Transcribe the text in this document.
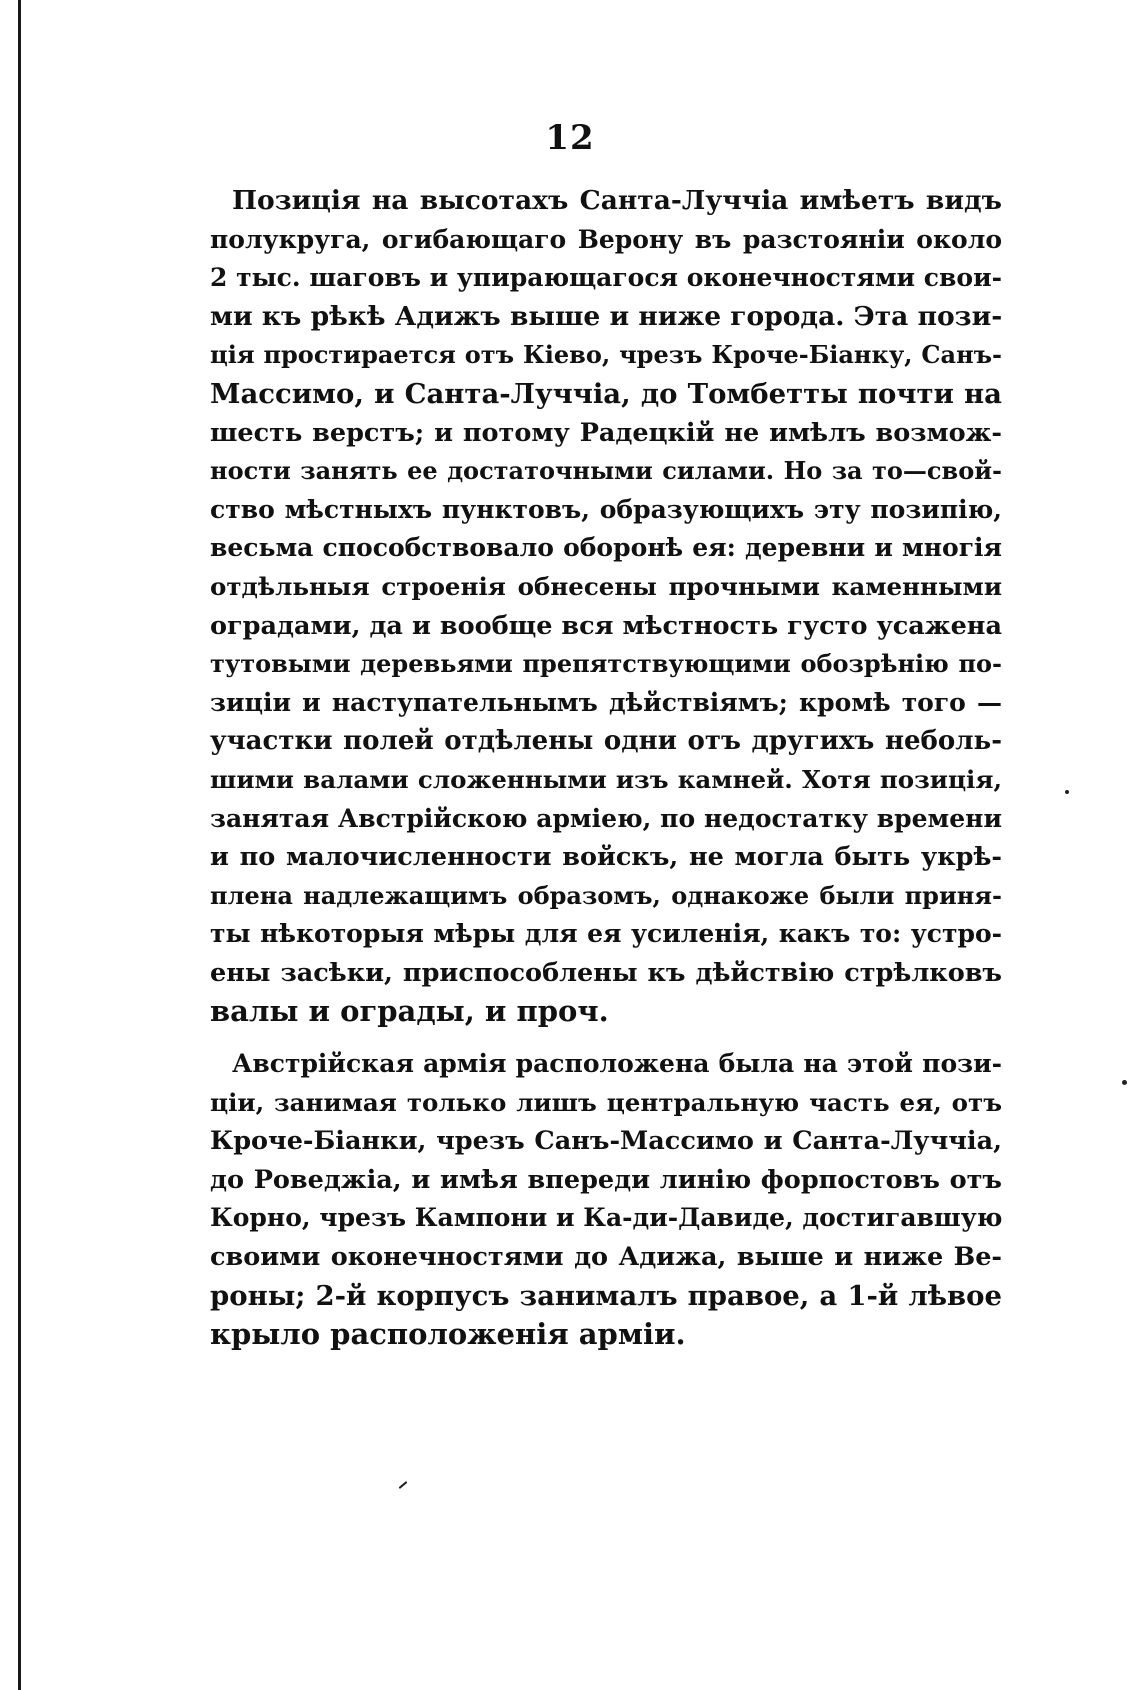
12
Позиція на высотахъ Санта-Луччіа имѣетъ видъ
полукруга, огибающаго Верону въ разстояніи около
2 тыс. шаговъ и упирающагося оконечностями свои-
ми къ рѣкѣ Адижъ выше и ниже города. Эта пози-
ція простирается отъ Кіево, чрезъ Кроче-Біанку, Санъ-
Массимо, и Санта-Луччіа, до Томбетты почти на
шесть верстъ; и потому Радецкій не имѣлъ возмож-
ности занять ее достаточными силами. Но за то—свой-
ство мѣстныхъ пунктовъ, образующихъ эту позипію,
весьма способствовало оборонѣ ея: деревни и многія
отдѣльныя строенія обнесены прочными каменными
оградами, да и вообще вся мѣстность густо усажена
тутовыми деревьями препятствующими обозрѣнію по-
зиціи и наступательнымъ дѣйствіямъ; кромѣ того —
участки полей отдѣлены одни отъ другихъ неболь-
шими валами сложенными изъ камней. Хотя позиція,
занятая Австрійскою арміею, по недостатку времени
и по малочисленности войскъ, не могла быть укрѣ-
плена надлежащимъ образомъ, однакоже были приня-
ты нѣкоторыя мѣры для ея усиленія, какъ то: устро-
ены засѣки, приспособлены къ дѣйствію стрѣлковъ
валы и ограды, и проч.
Австрійская армія расположена была на этой пози-
ціи, занимая только лишъ центральную часть ея, отъ
Кроче-Біанки, чрезъ Санъ-Массимо и Санта-Луччіа,
до Роведжіа, и имѣя впереди линію форпостовъ отъ
Корно, чрезъ Кампони и Ка-ди-Давиде, достигавшую
своими оконечностями до Адижа, выше и ниже Ве-
роны; 2-й корпусъ занималъ правое, а 1-й лѣвое
крыло расположенія арміи.
